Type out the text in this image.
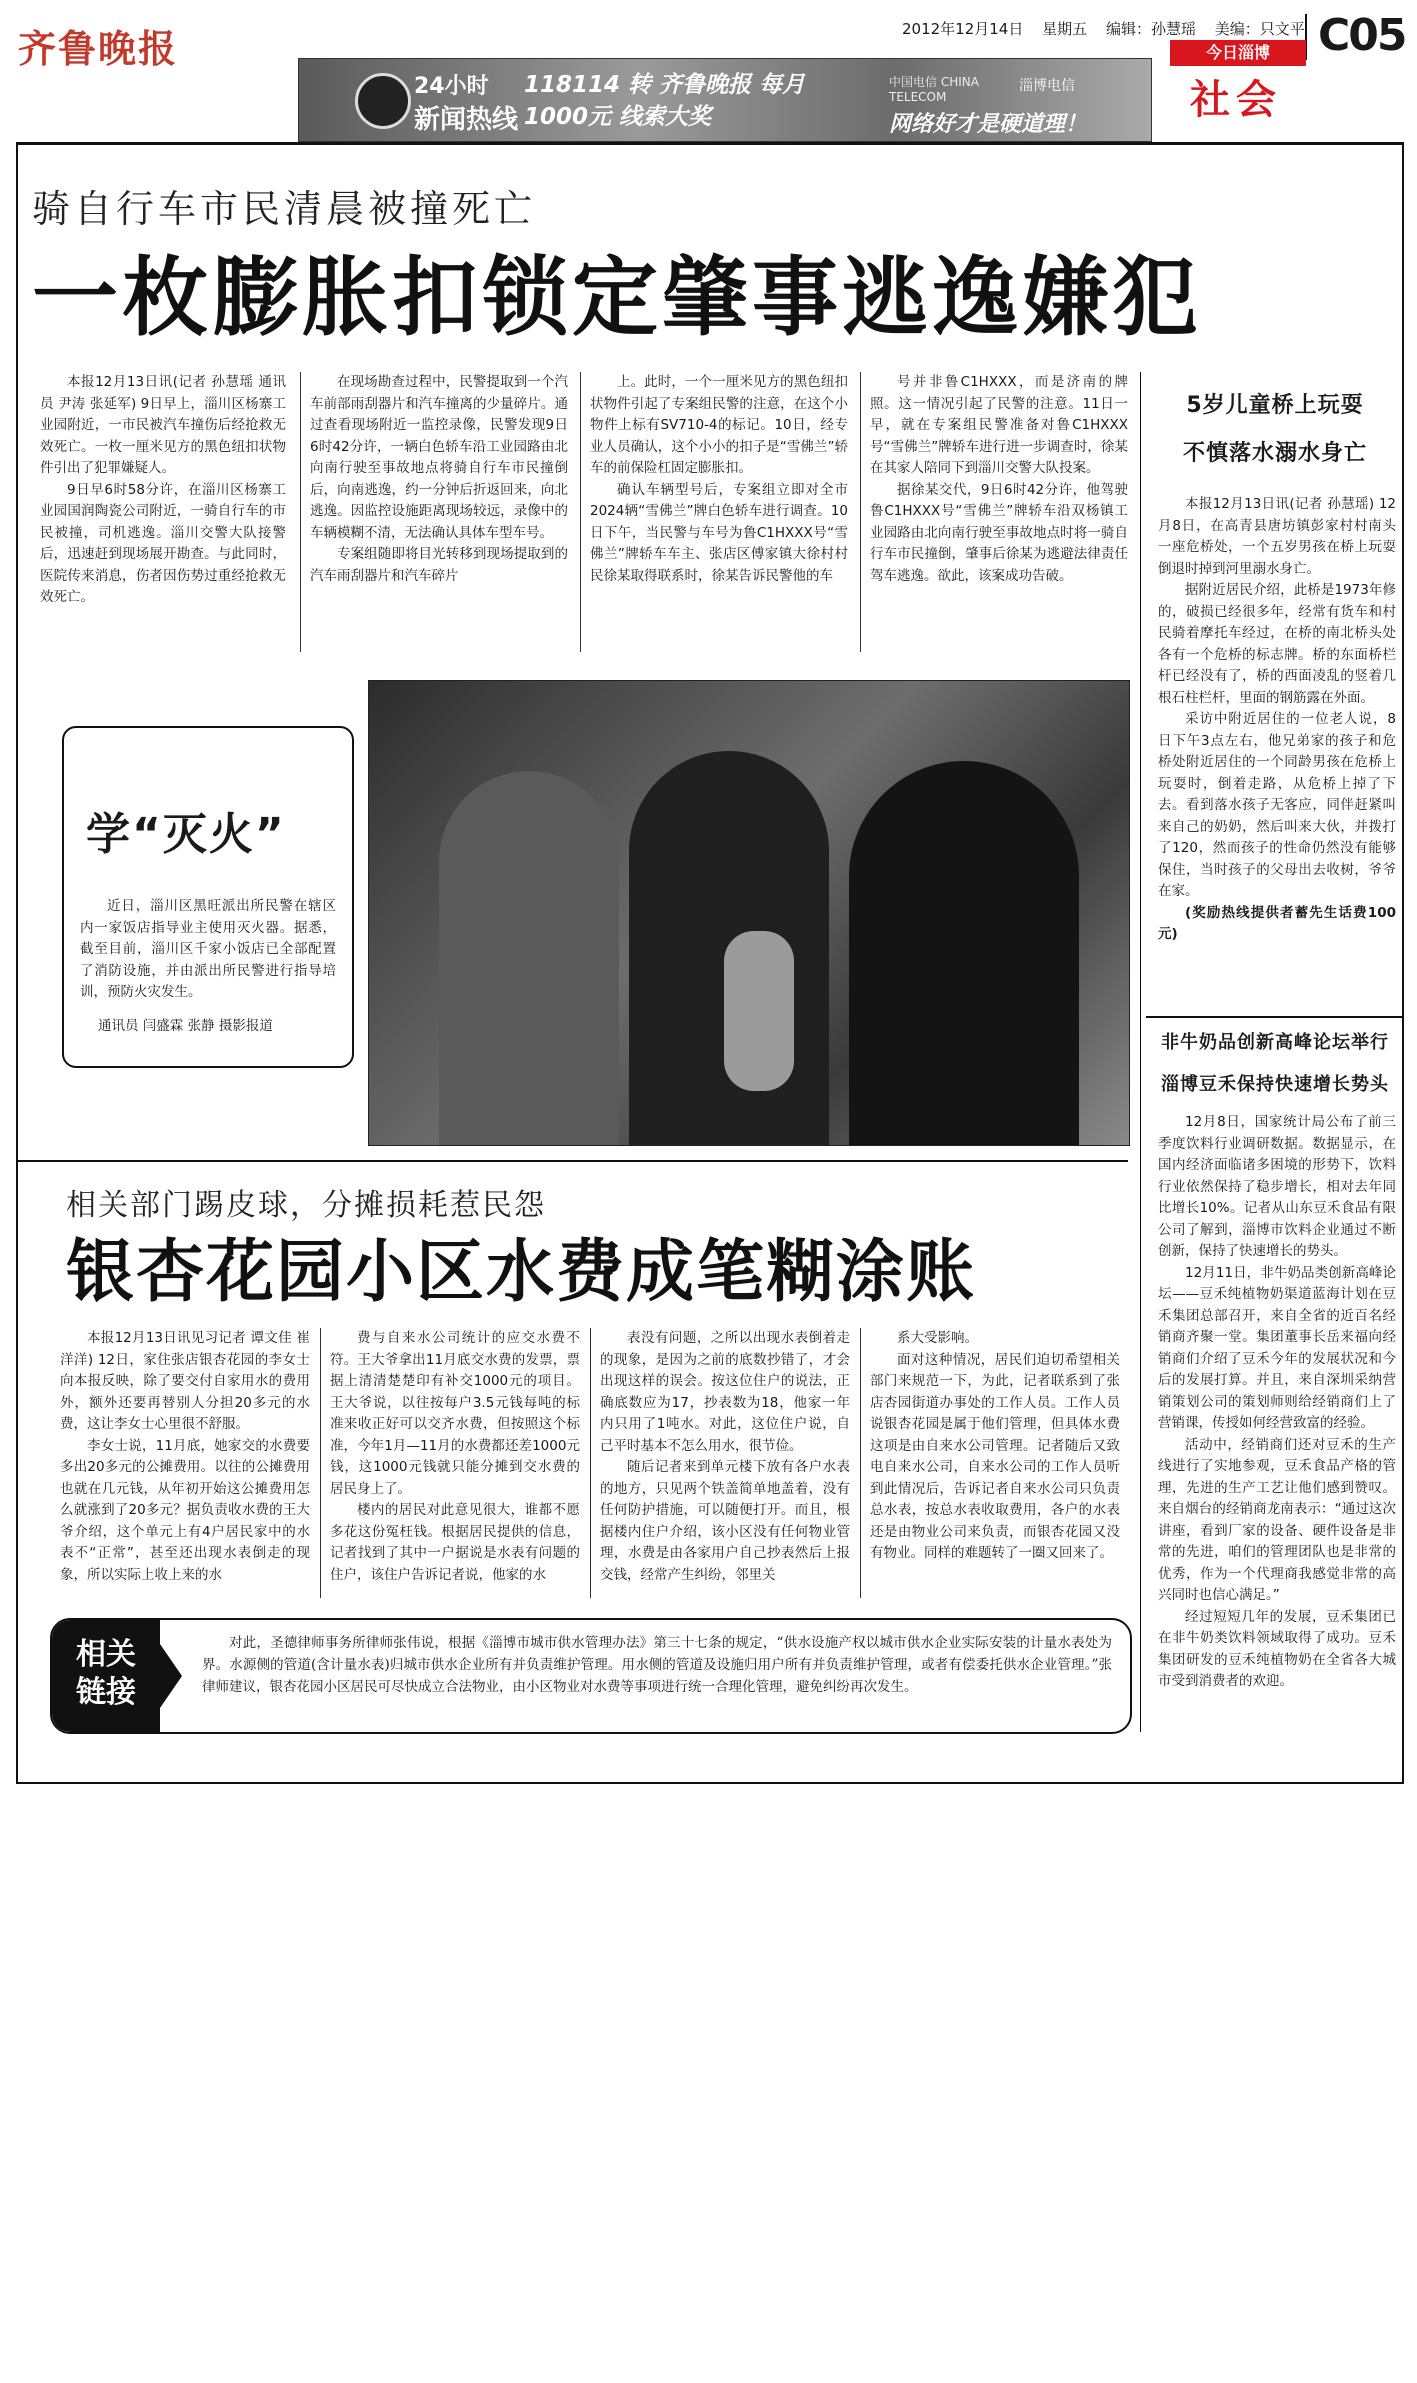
齐鲁晚报	2012年12月14日 星期五 编辑：孙慧瑶 美编：只文平 C05
24小时
新闻热线
118114 转 齐鲁晚报 每月1000元 线索大奖
中国电信 CHINA TELECOM
淄博电信
网络好才是硬道理！
今日淄博
社会
骑自行车市民清晨被撞死亡
一枚膨胀扣锁定肇事逃逸嫌犯

本报12月13日讯(记者 孙慧瑶 通讯员 尹涛 张延军) 9日早上，淄川区杨寨工业园附近，一市民被汽车撞伤后经抢救无效死亡。一枚一厘米见方的黑色纽扣状物件引出了犯罪嫌疑人。

9日早6时58分许，在淄川区杨寨工业园国润陶瓷公司附近，一骑自行车的市民被撞，司机逃逸。淄川交警大队接警后，迅速赶到现场展开勘查。与此同时，医院传来消息，伤者因伤势过重经抢救无效死亡。

在现场勘查过程中，民警提取到一个汽车前部雨刮器片和汽车撞离的少量碎片。通过查看现场附近一监控录像，民警发现9日6时42分许，一辆白色轿车沿工业园路由北向南行驶至事故地点将骑自行车市民撞倒后，向南逃逸，约一分钟后折返回来，向北逃逸。因监控设施距离现场较远，录像中的车辆模糊不清，无法确认具体车型车号。

专案组随即将目光转移到现场提取到的汽车雨刮器片和汽车碎片

上。此时，一个一厘米见方的黑色纽扣状物件引起了专案组民警的注意，在这个小物件上标有SV710-4的标记。10日，经专业人员确认，这个小小的扣子是“雪佛兰”轿车的前保险杠固定膨胀扣。

确认车辆型号后，专案组立即对全市2024辆“雪佛兰”牌白色轿车进行调查。10日下午，当民警与车号为鲁C1HXXX号“雪佛兰”牌轿车车主、张店区傅家镇大徐村村民徐某取得联系时，徐某告诉民警他的车

号并非鲁C1HXXX，而是济南的牌照。这一情况引起了民警的注意。11日一早，就在专案组民警准备对鲁C1HXXX号“雪佛兰”牌轿车进行进一步调查时，徐某在其家人陪同下到淄川交警大队投案。

据徐某交代，9日6时42分许，他驾驶鲁C1HXXX号“雪佛兰”牌轿车沿双杨镇工业园路由北向南行驶至事故地点时将一骑自行车市民撞倒，肇事后徐某为逃避法律责任驾车逃逸。欲此，该案成功告破。

学“灭火”

近日，淄川区黑旺派出所民警在辖区内一家饭店指导业主使用灭火器。据悉，截至目前，淄川区千家小饭店已全部配置了消防设施，并由派出所民警进行指导培训，预防火灾发生。

通讯员 闫盛霖 张静 摄影报道
相关部门踢皮球，分摊损耗惹民怨
银杏花园小区水费成笔糊涂账

本报12月13日讯见习记者 谭文佳 崔洋洋) 12日，家住张店银杏花园的李女士向本报反映，除了要交付自家用水的费用外，额外还要再替别人分担20多元的水费，这让李女士心里很不舒服。

李女士说，11月底，她家交的水费要多出20多元的公摊费用。以往的公摊费用也就在几元钱，从年初开始这公摊费用怎么就涨到了20多元？据负责收水费的王大爷介绍，这个单元上有4户居民家中的水表不“正常”，甚至还出现水表倒走的现象，所以实际上收上来的水

费与自来水公司统计的应交水费不符。王大爷拿出11月底交水费的发票，票据上清清楚楚印有补交1000元的项目。王大爷说，以往按每户3.5元钱每吨的标准来收正好可以交齐水费，但按照这个标准，今年1月—11月的水费都还差1000元钱，这1000元钱就只能分摊到交水费的居民身上了。

楼内的居民对此意见很大，谁都不愿多花这份冤枉钱。根据居民提供的信息，记者找到了其中一户据说是水表有问题的住户，该住户告诉记者说，他家的水

表没有问题，之所以出现水表倒着走的现象，是因为之前的底数抄错了，才会出现这样的误会。按这位住户的说法，正确底数应为17，抄表数为18，他家一年内只用了1吨水。对此，这位住户说，自己平时基本不怎么用水，很节俭。

随后记者来到单元楼下放有各户水表的地方，只见两个铁盖简单地盖着，没有任何防护措施，可以随便打开。而且，根据楼内住户介绍，该小区没有任何物业管理，水费是由各家用户自己抄表然后上报交钱，经常产生纠纷，邻里关

系大受影响。

面对这种情况，居民们迫切希望相关部门来规范一下，为此，记者联系到了张店杏园街道办事处的工作人员。工作人员说银杏花园是属于他们管理，但具体水费这项是由自来水公司管理。记者随后又致电自来水公司，自来水公司的工作人员听到此情况后，告诉记者自来水公司只负责总水表，按总水表收取费用，各户的水表还是由物业公司来负责，而银杏花园又没有物业。同样的难题转了一圈又回来了。

相关
链接

对此，圣德律师事务所律师张伟说，根据《淄博市城市供水管理办法》第三十七条的规定，“供水设施产权以城市供水企业实际安装的计量水表处为界。水源侧的管道(含计量水表)归城市供水企业所有并负责维护管理。用水侧的管道及设施归用户所有并负责维护管理，或者有偿委托供水企业管理。”张律师建议，银杏花园小区居民可尽快成立合法物业，由小区物业对水费等事项进行统一合理化管理，避免纠纷再次发生。

5岁儿童桥上玩耍
不慎落水溺水身亡

本报12月13日讯(记者 孙慧瑶) 12月8日，在高青县唐坊镇彭家村村南头一座危桥处，一个五岁男孩在桥上玩耍倒退时掉到河里溺水身亡。

据附近居民介绍，此桥是1973年修的，破损已经很多年，经常有货车和村民骑着摩托车经过，在桥的南北桥头处各有一个危桥的标志牌。桥的东面桥栏杆已经没有了，桥的西面凌乱的竖着几根石柱栏杆，里面的钢筋露在外面。

采访中附近居住的一位老人说，8日下午3点左右，他兄弟家的孩子和危桥处附近居住的一个同龄男孩在危桥上玩耍时，倒着走路，从危桥上掉了下去。看到落水孩子无客应，同伴赶紧叫来自己的奶奶，然后叫来大伙，并拨打了120，然而孩子的性命仍然没有能够保住，当时孩子的父母出去收树，爷爷在家。

(奖励热线提供者蓄先生话费100元)

非牛奶品创新高峰论坛举行
淄博豆禾保持快速增长势头

12月8日，国家统计局公布了前三季度饮料行业调研数据。数据显示，在国内经济面临诸多困境的形势下，饮料行业依然保持了稳步增长，相对去年同比增长10%。记者从山东豆禾食品有限公司了解到，淄博市饮料企业通过不断创新，保持了快速增长的势头。

12月11日，非牛奶品类创新高峰论坛——豆禾纯植物奶渠道蓝海计划在豆禾集团总部召开，来自全省的近百名经销商齐聚一堂。集团董事长岳来福向经销商们介绍了豆禾今年的发展状况和今后的发展打算。并且，来自深圳采纳营销策划公司的策划师则给经销商们上了营销课，传授如何经营致富的经验。

活动中，经销商们还对豆禾的生产线进行了实地参观，豆禾食品产格的管理，先进的生产工艺让他们感到赞叹。来自烟台的经销商龙南表示：“通过这次讲座，看到厂家的设备、硬件设备是非常的先进，咱们的管理团队也是非常的优秀，作为一个代理商我感觉非常的高兴同时也信心满足。”

经过短短几年的发展，豆禾集团已在非牛奶类饮料领域取得了成功。豆禾集团研发的豆禾纯植物奶在全省各大城市受到消费者的欢迎。
